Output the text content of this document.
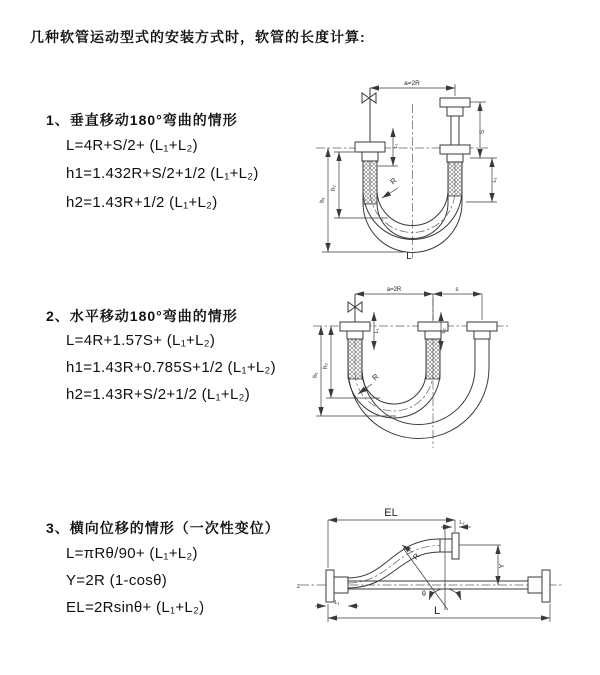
几种软管运动型式的安装方式时，软管的长度计算:
1、垂直移动180°弯曲的情形
L=4R+S/2+ (L₁+L₂)
h1=1.432R+S/2+1/2 (L₁+L₂)
h2=1.43R+1/2 (L₁+L₂)
2、水平移动180°弯曲的情形
L=4R+1.57S+ (L₁+L₂)
h1=1.43R+0.785S+1/2 (L₁+L₂)
h2=1.43R+S/2+1/2 (L₁+L₂)
3、横向位移的情形（一次性变位）
L=πRθ/90+ (L₁+L₂)
Y=2R (1-cosθ)
EL=2Rsinθ+ (L₁+L₂)
a=2R
L₁
S
L₂
h₁
h₂
R
L
a=2R	s
L₁	L₂
h₁
h₂
R
z
EL
L₂
Y
R
θ
L
L₁
